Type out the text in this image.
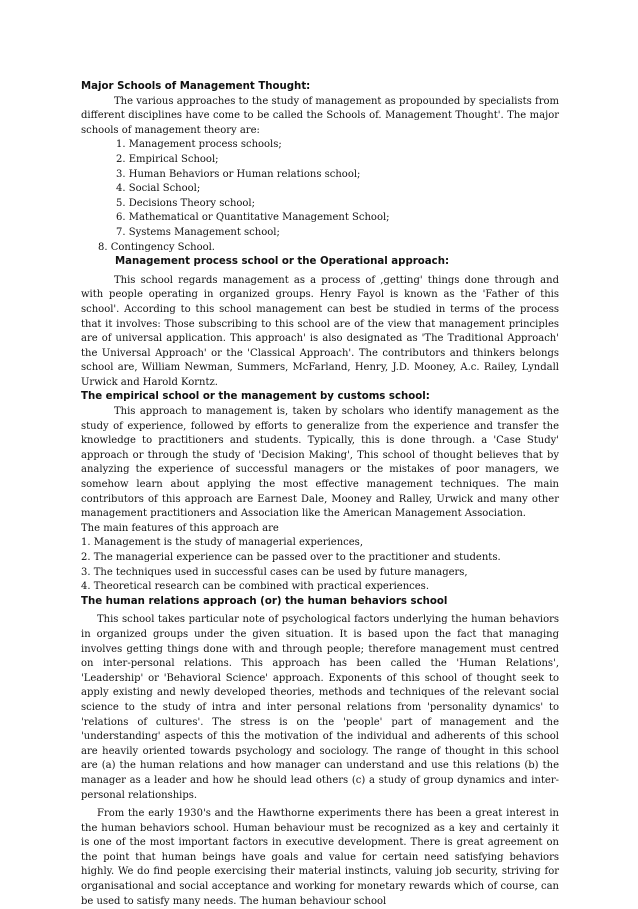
Major Schools of Management Thought:

The various approaches to the study of management as propounded by specialists from different disciplines have come to be called the Schools of. Management Thought'. The major schools of management theory are:

1. Management process schools;
2. Empirical School;
3. Human Behaviors or Human relations school;
4. Social School;
5. Decisions Theory school;
6. Mathematical or Quantitative Management School;
7. Systems Management school;
8. Contingency School.

Management process school or the Operational approach:

This school regards management as a process of ,getting' things done through and with people operating in organized groups. Henry Fayol is known as the 'Father of this school'. According to this school management can best be studied in terms of the process that it involves: Those subscribing to this school are of the view that management principles are of universal application. This approach' is also designated as 'The Traditional Approach' the Universal Approach' or the 'Classical Approach'. The contributors and thinkers belongs school are, William Newman, Summers, McFarland, Henry, J.D. Mooney, A.c. Railey, Lyndall Urwick and Harold Korntz.

The empirical school or the management by customs school:

This approach to management is, taken by scholars who identify management as the study of experience, followed by efforts to generalize from the experience and transfer the knowledge to practitioners and students. Typically, this is done through. a 'Case Study' approach or through the study of 'Decision Making', This school of thought believes that by analyzing the experience of successful managers or the mistakes of poor managers, we somehow learn about applying the most effective management techniques. The main contributors of this approach are Earnest Dale, Mooney and Ralley, Urwick and many other management practitioners and Association like the American Management Association.

The main features of this approach are

1. Management is the study of managerial experiences,
2. The managerial experience can be passed over to the practitioner and students.
3. The techniques used in successful cases can be used by future managers,
4. Theoretical research can be combined with practical experiences.

The human relations approach (or) the human behaviors school

This school takes particular note of psychological factors underlying the human behaviors in organized groups under the given situation. It is based upon the fact that managing involves getting things done with and through people; therefore management must centred on inter-personal relations. This approach has been called the 'Human Relations', 'Leadership' or 'Behavioral Science' approach. Exponents of this school of thought seek to apply existing and newly developed theories, methods and techniques of the relevant social science to the study of intra and inter personal relations from 'personality dynamics' to 'relations of cultures'. The stress is on the 'people' part of management and the 'understanding' aspects of this the motivation of the individual and adherents of this school are heavily oriented towards psychology and sociology. The range of thought in this school are (a) the human relations and how manager can understand and use this relations (b) the manager as a leader and how he should lead others (c) a study of group dynamics and inter-personal relationships.

From the early 1930's and the Hawthorne experiments there has been a great interest in the human behaviors school. Human behaviour must be recognized as a key and certainly it is one of the most important factors in executive development. There is great agreement on the point that human beings have goals and value for certain need satisfying behaviors highly. We do find people exercising their material instincts, valuing job security, striving for organisational and social acceptance and working for monetary rewards which of course, can be used to satisfy many needs. The human behaviour school
